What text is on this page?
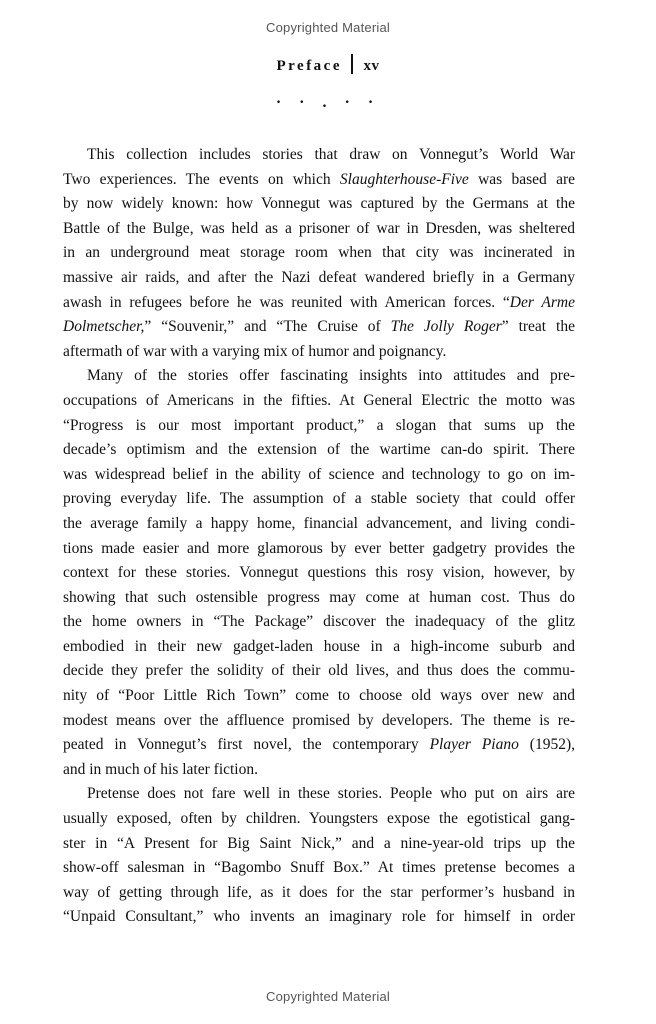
Copyrighted Material
Preface xv
· · . · ·
This collection includes stories that draw on Vonnegut’s World War
Two experiences. The events on which Slaughterhouse-Five was based are
by now widely known: how Vonnegut was captured by the Germans at the
Battle of the Bulge, was held as a prisoner of war in Dresden, was sheltered
in an underground meat storage room when that city was incinerated in
massive air raids, and after the Nazi defeat wandered briefly in a Germany
awash in refugees before he was reunited with American forces. “Der Arme
Dolmetscher,” “Souvenir,” and “The Cruise of The Jolly Roger” treat the
aftermath of war with a varying mix of humor and poignancy.
Many of the stories offer fascinating insights into attitudes and pre-
occupations of Americans in the fifties. At General Electric the motto was
“Progress is our most important product,” a slogan that sums up the
decade’s optimism and the extension of the wartime can-do spirit. There
was widespread belief in the ability of science and technology to go on im-
proving everyday life. The assumption of a stable society that could offer
the average family a happy home, financial advancement, and living condi-
tions made easier and more glamorous by ever better gadgetry provides the
context for these stories. Vonnegut questions this rosy vision, however, by
showing that such ostensible progress may come at human cost. Thus do
the home owners in “The Package” discover the inadequacy of the glitz
embodied in their new gadget-laden house in a high-income suburb and
decide they prefer the solidity of their old lives, and thus does the commu-
nity of “Poor Little Rich Town” come to choose old ways over new and
modest means over the affluence promised by developers. The theme is re-
peated in Vonnegut’s first novel, the contemporary Player Piano (1952),
and in much of his later fiction.
Pretense does not fare well in these stories. People who put on airs are
usually exposed, often by children. Youngsters expose the egotistical gang-
ster in “A Present for Big Saint Nick,” and a nine-year-old trips up the
show-off salesman in “Bagombo Snuff Box.” At times pretense becomes a
way of getting through life, as it does for the star performer’s husband in
“Unpaid Consultant,” who invents an imaginary role for himself in order
Copyrighted Material
